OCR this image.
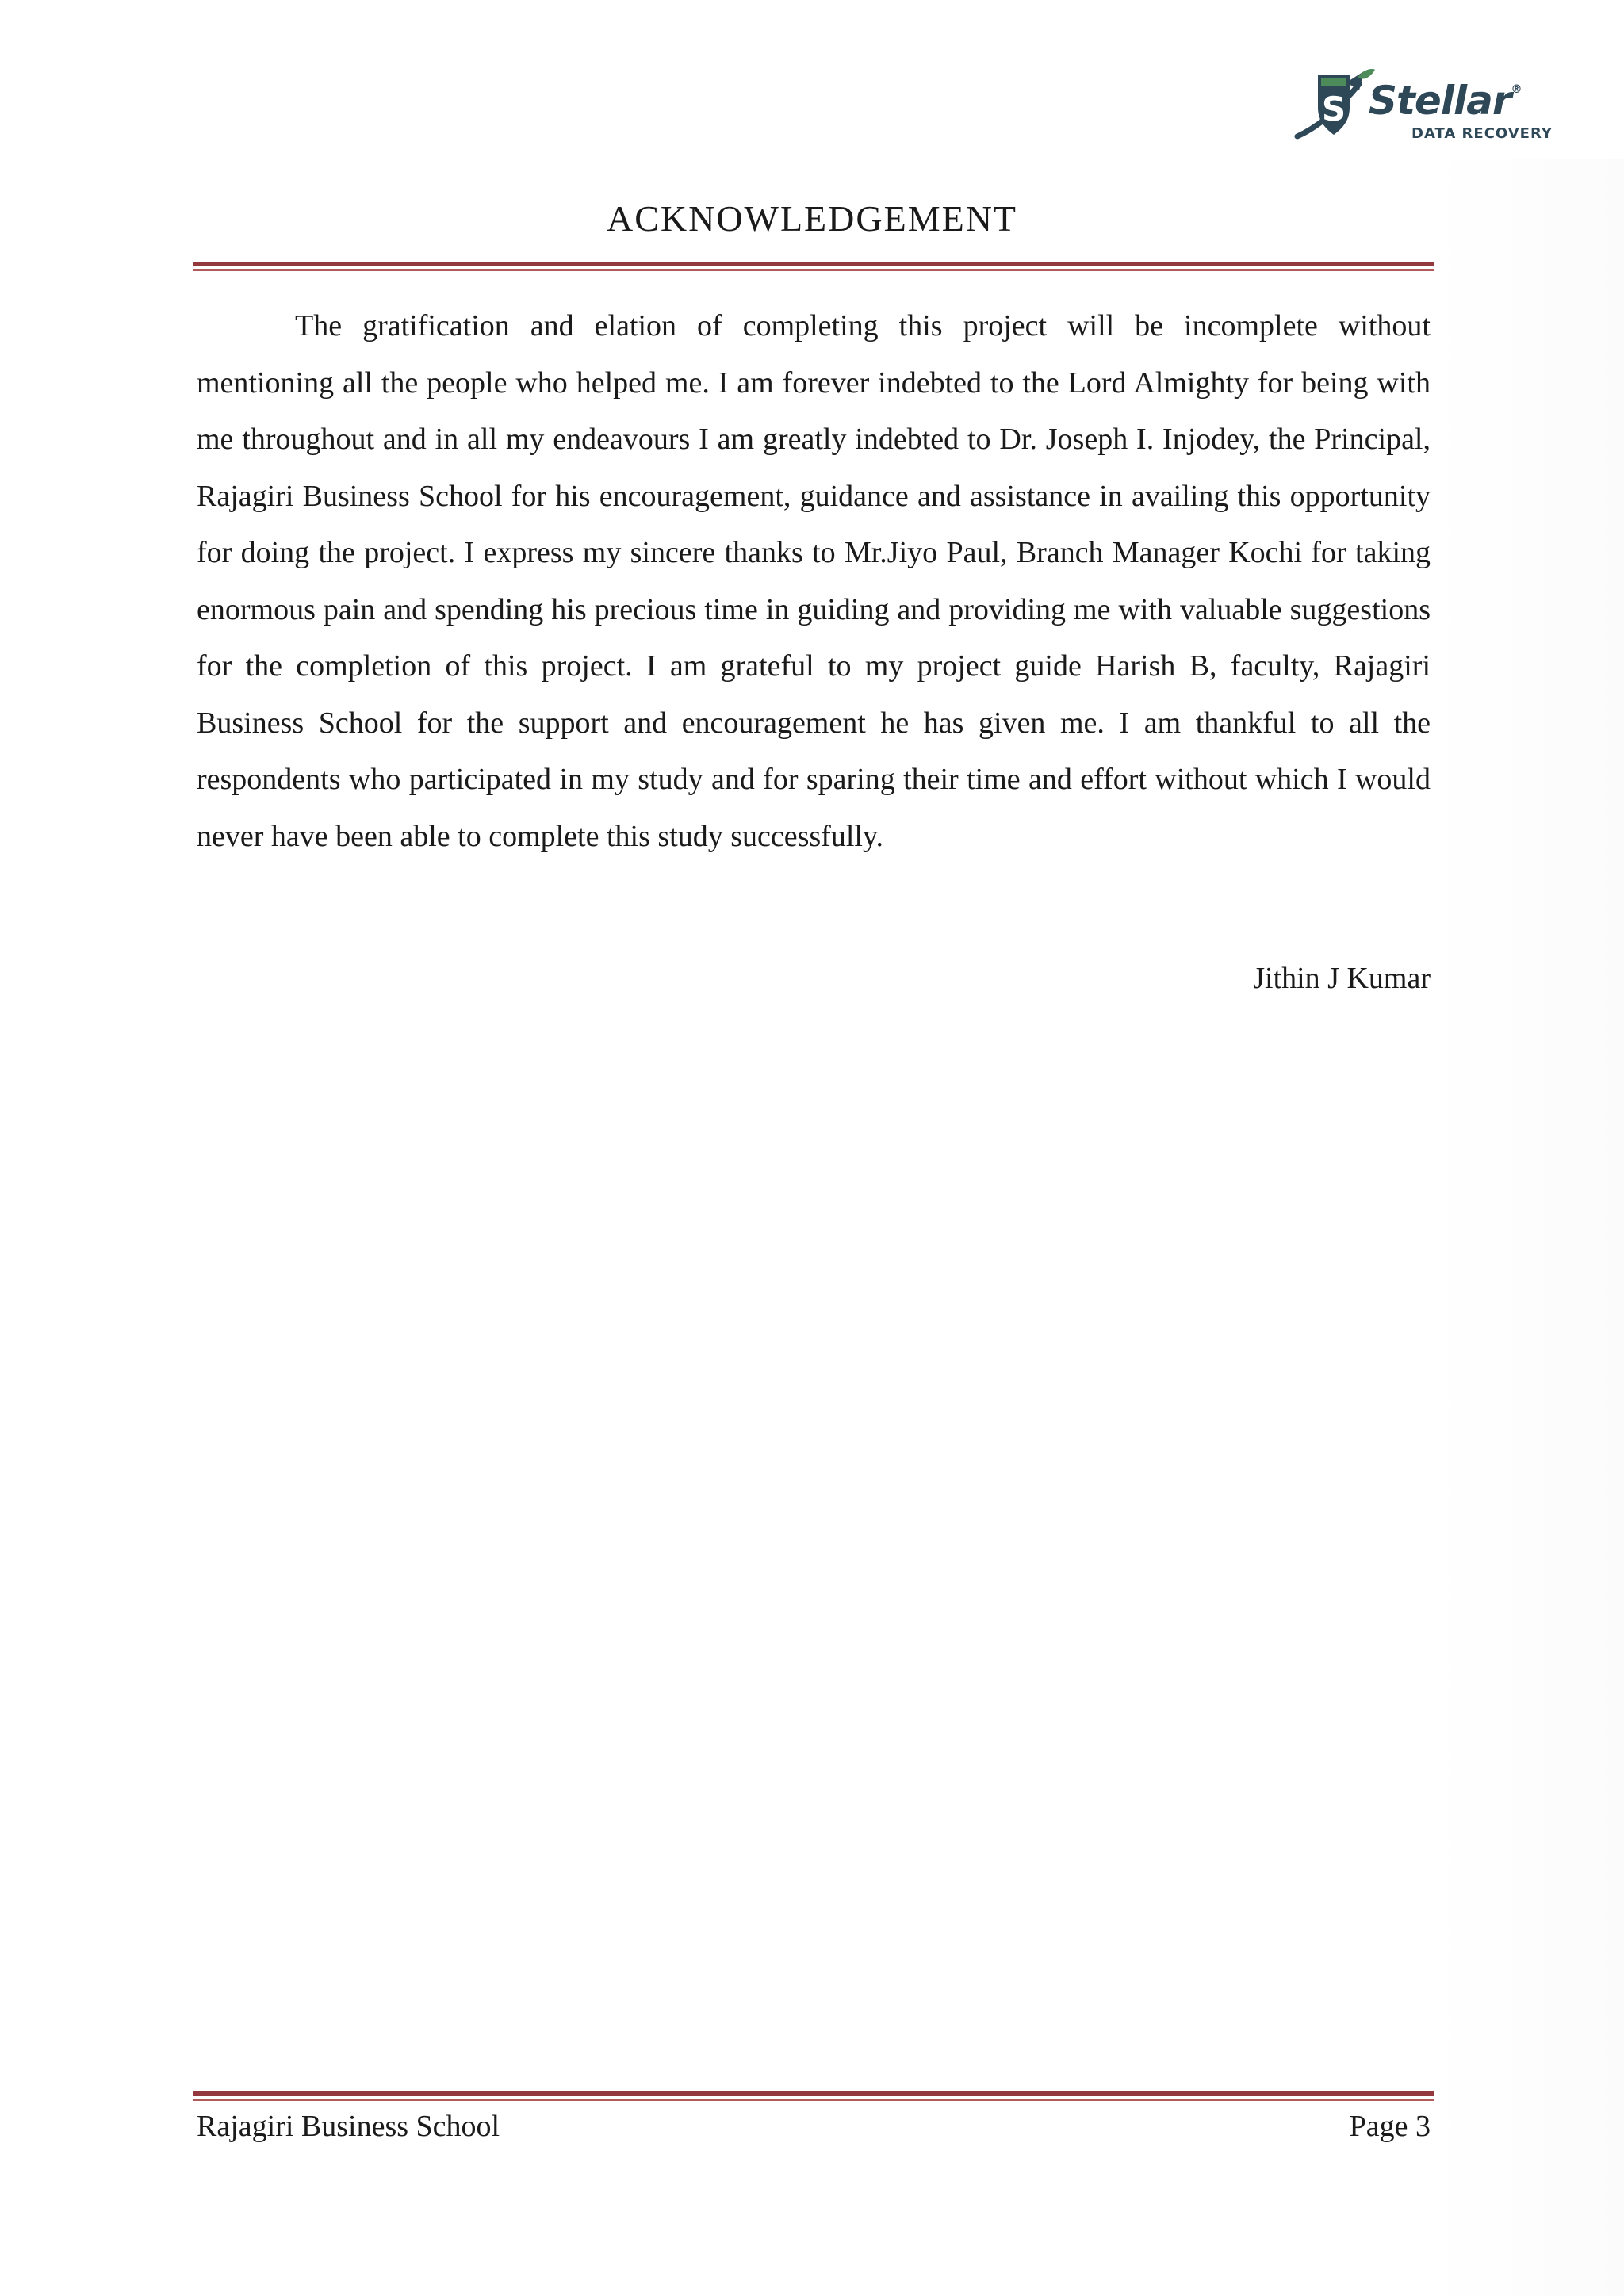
S Stellar®
DATA RECOVERY
ACKNOWLEDGEMENT

The gratification and elation of completing this project will be incomplete without mentioning all the people who helped me. I am forever indebted to the Lord Almighty for being with me throughout and in all my endeavours I am greatly indebted to Dr. Joseph I. Injodey, the Principal, Rajagiri Business School for his encouragement, guidance and assistance in availing this opportunity for doing the project. I express my sincere thanks to Mr.Jiyo Paul, Branch Manager Kochi for taking enormous pain and spending his precious time in guiding and providing me with valuable suggestions for the completion of this project. I am grateful to my project guide Harish B, faculty, Rajagiri Business School for the support and encouragement he has given me. I am thankful to all the respondents who participated in my study and for sparing their time and effort without which I would never have been able to complete this study successfully.

Jithin J Kumar
Rajagiri Business School	Page 3
